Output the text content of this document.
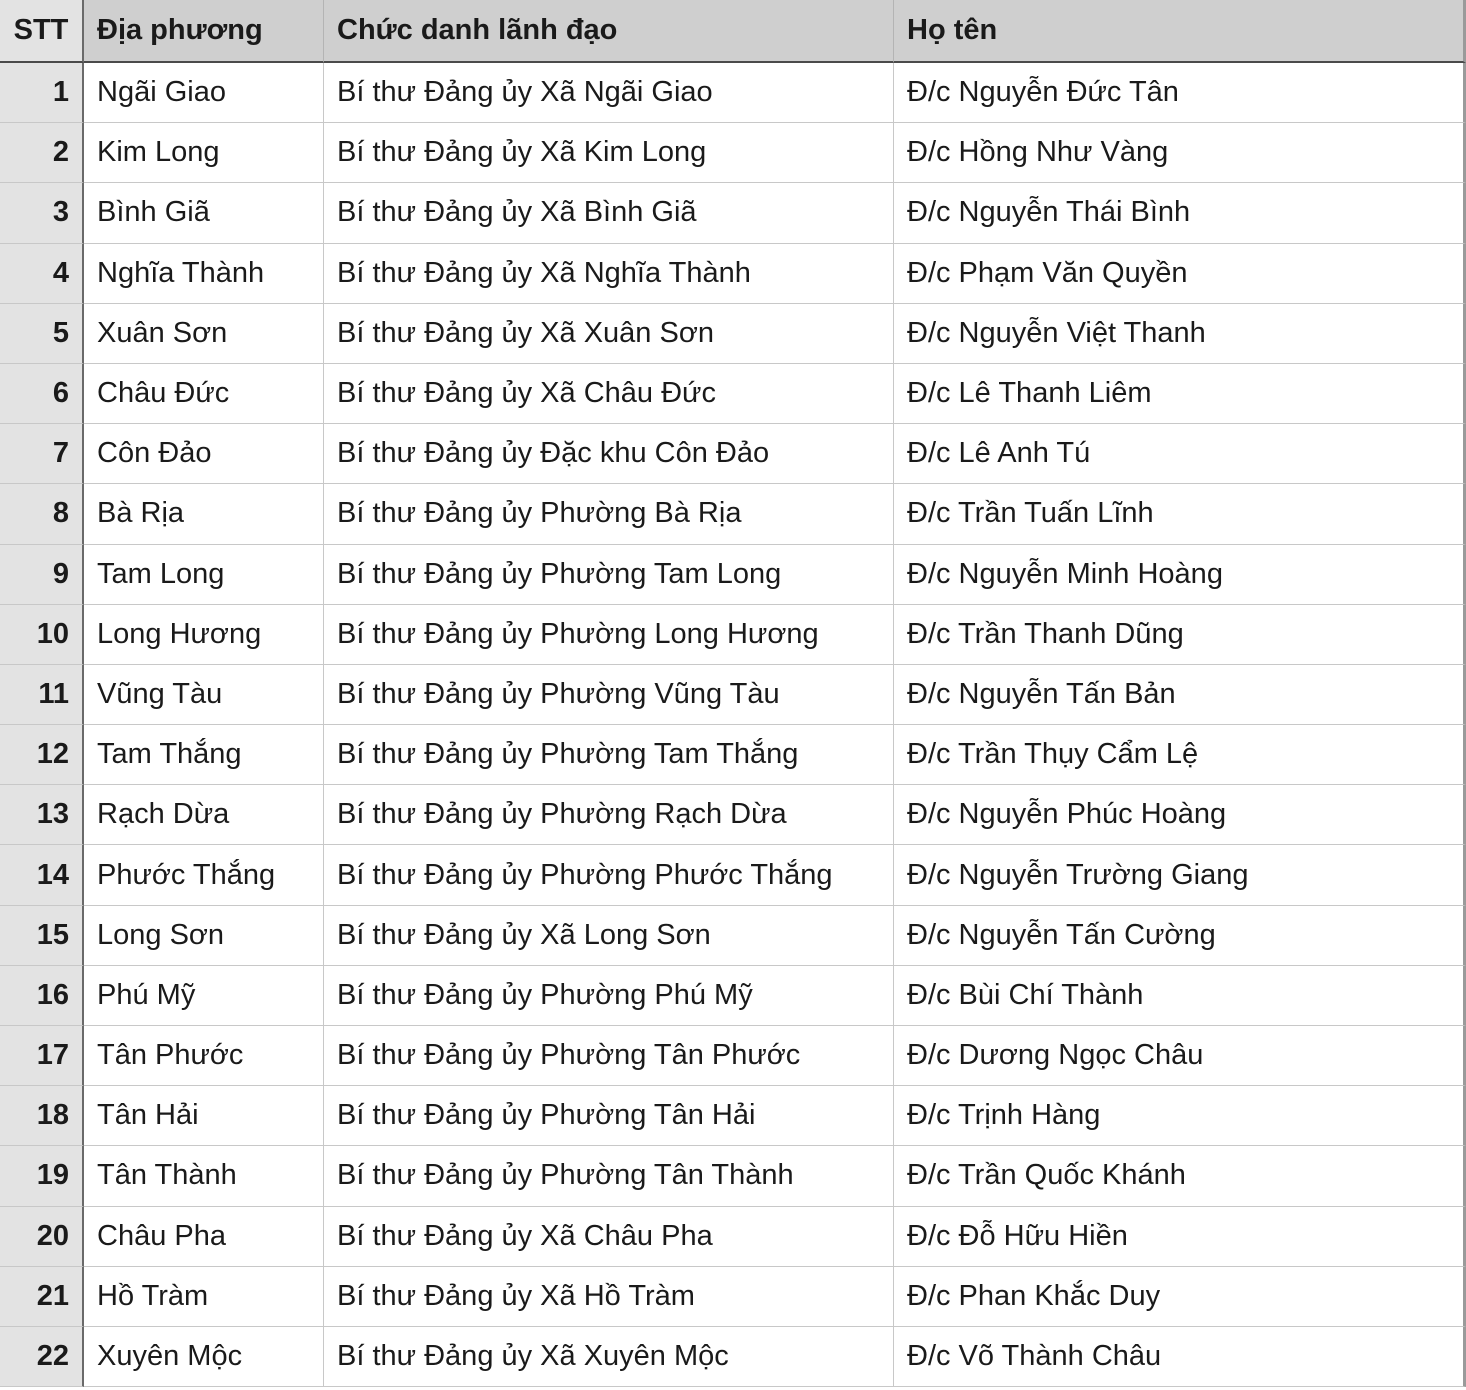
STT Địa phương	Chức danh lãnh đạo	Họ tên
1 Ngãi Giao	Bí thư Đảng ủy Xã Ngãi Giao	Đ/c Nguyễn Đức Tân
2 Kim Long	Bí thư Đảng ủy Xã Kim Long	Đ/c Hồng Như Vàng
3 Bình Giã	Bí thư Đảng ủy Xã Bình Giã	Đ/c Nguyễn Thái Bình
4 Nghĩa Thành	Bí thư Đảng ủy Xã Nghĩa Thành	Đ/c Phạm Văn Quyền
5 Xuân Sơn	Bí thư Đảng ủy Xã Xuân Sơn	Đ/c Nguyễn Việt Thanh
6 Châu Đức	Bí thư Đảng ủy Xã Châu Đức	Đ/c Lê Thanh Liêm
7 Côn Đảo	Bí thư Đảng ủy Đặc khu Côn Đảo	Đ/c Lê Anh Tú
8 Bà Rịa	Bí thư Đảng ủy Phường Bà Rịa	Đ/c Trần Tuấn Lĩnh
9 Tam Long	Bí thư Đảng ủy Phường Tam Long	Đ/c Nguyễn Minh Hoàng
10 Long Hương	Bí thư Đảng ủy Phường Long Hương	Đ/c Trần Thanh Dũng
11 Vũng Tàu	Bí thư Đảng ủy Phường Vũng Tàu	Đ/c Nguyễn Tấn Bản
12 Tam Thắng	Bí thư Đảng ủy Phường Tam Thắng	Đ/c Trần Thụy Cẩm Lệ
13 Rạch Dừa	Bí thư Đảng ủy Phường Rạch Dừa	Đ/c Nguyễn Phúc Hoàng
14 Phước Thắng	Bí thư Đảng ủy Phường Phước Thắng	Đ/c Nguyễn Trường Giang
15 Long Sơn	Bí thư Đảng ủy Xã Long Sơn	Đ/c Nguyễn Tấn Cường
16 Phú Mỹ	Bí thư Đảng ủy Phường Phú Mỹ	Đ/c Bùi Chí Thành
17 Tân Phước	Bí thư Đảng ủy Phường Tân Phước	Đ/c Dương Ngọc Châu
18 Tân Hải	Bí thư Đảng ủy Phường Tân Hải	Đ/c Trịnh Hàng
19 Tân Thành	Bí thư Đảng ủy Phường Tân Thành	Đ/c Trần Quốc Khánh
20 Châu Pha	Bí thư Đảng ủy Xã Châu Pha	Đ/c Đỗ Hữu Hiền
21 Hồ Tràm	Bí thư Đảng ủy Xã Hồ Tràm	Đ/c Phan Khắc Duy
22 Xuyên Mộc	Bí thư Đảng ủy Xã Xuyên Mộc	Đ/c Võ Thành Châu
